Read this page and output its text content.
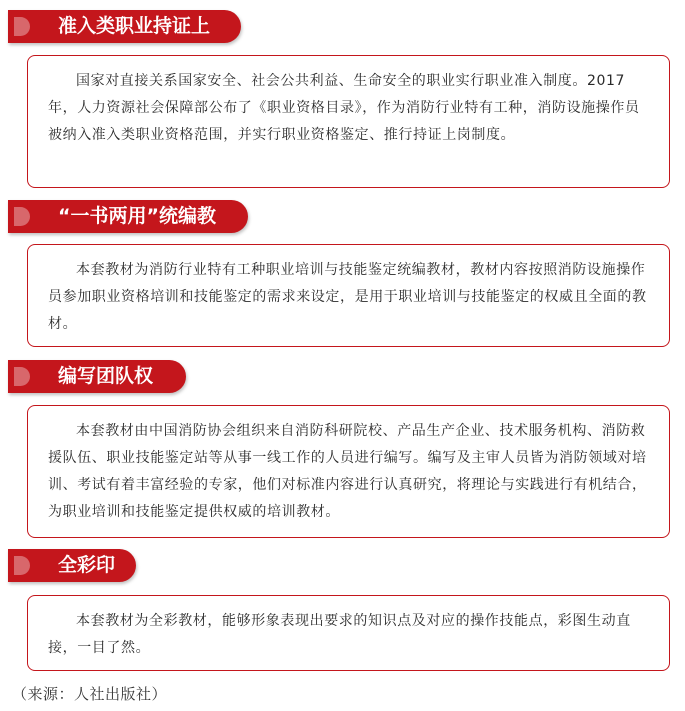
准入类职业持证上
国家对直接关系国家安全、社会公共利益、生命安全的职业实行职业准入制度。2017年，人力资源社会保障部公布了《职业资格目录》，作为消防行业特有工种，消防设施操作员被纳入准入类职业资格范围，并实行职业资格鉴定、推行持证上岗制度。
“一书两用”统编教
本套教材为消防行业特有工种职业培训与技能鉴定统编教材，教材内容按照消防设施操作员参加职业资格培训和技能鉴定的需求来设定，是用于职业培训与技能鉴定的权威且全面的教材。
编写团队权
本套教材由中国消防协会组织来自消防科研院校、产品生产企业、技术服务机构、消防救援队伍、职业技能鉴定站等从事一线工作的人员进行编写。编写及主审人员皆为消防领域对培训、考试有着丰富经验的专家，他们对标准内容进行认真研究，将理论与实践进行有机结合，为职业培训和技能鉴定提供权威的培训教材。
全彩印
本套教材为全彩教材，能够形象表现出要求的知识点及对应的操作技能点，彩图生动直接，一目了然。
（来源：人社出版社）
